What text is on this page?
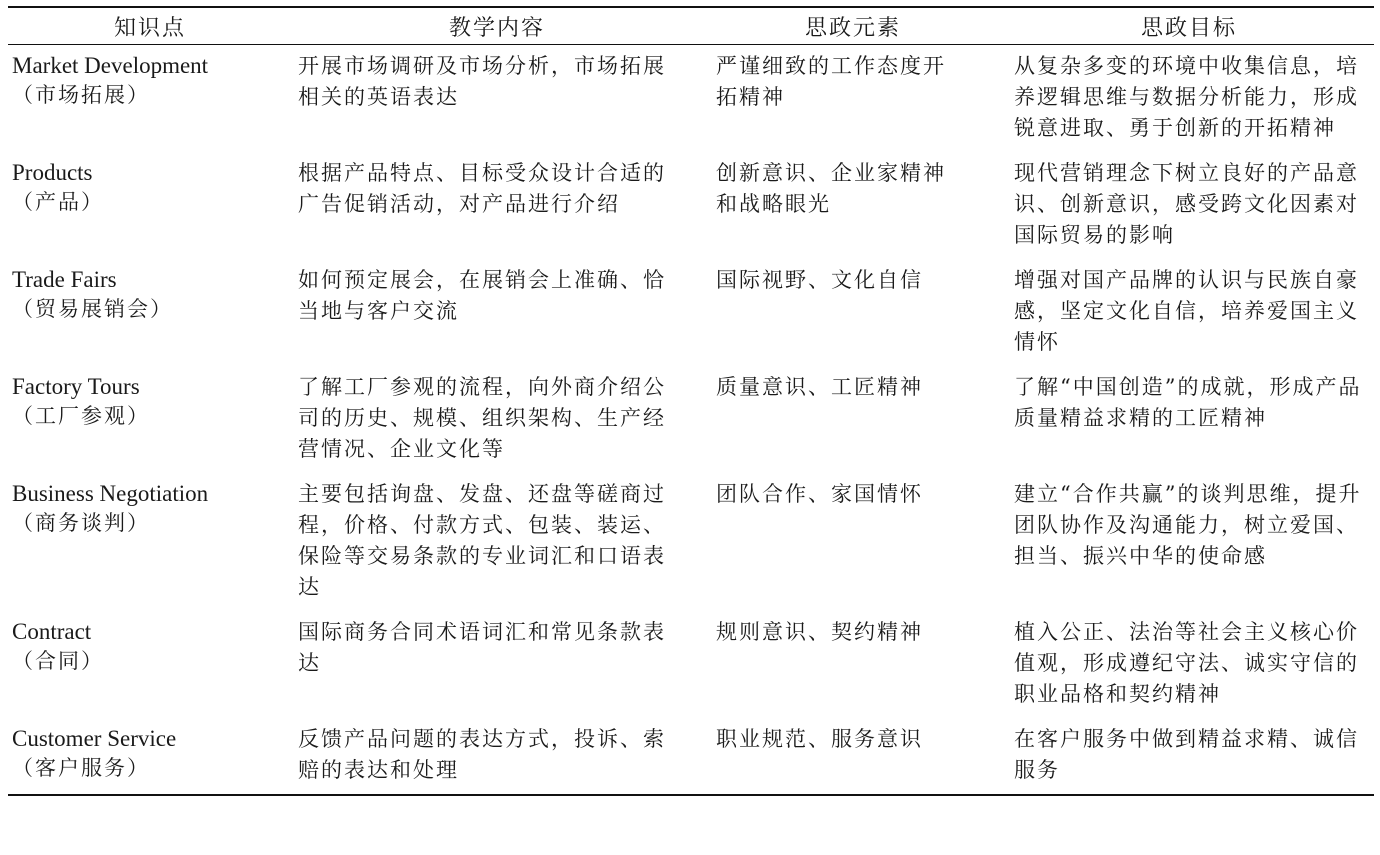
知识点	教学内容	思政元素	思政目标

Market Development
（市场拓展）	开展市场调研及市场分析，市场拓展相关的英语表达	严谨细致的工作态度开拓精神	从复杂多变的环境中收集信息，培养逻辑思维与数据分析能力，形成锐意进取、勇于创新的开拓精神

Products
（产品）	根据产品特点、目标受众设计合适的广告促销活动，对产品进行介绍	创新意识、企业家精神和战略眼光	现代营销理念下树立良好的产品意识、创新意识，感受跨文化因素对国际贸易的影响

Trade Fairs
（贸易展销会）	如何预定展会，在展销会上准确、恰当地与客户交流	国际视野、文化自信	增强对国产品牌的认识与民族自豪感，坚定文化自信，培养爱国主义情怀

Factory Tours
（工厂参观）	了解工厂参观的流程，向外商介绍公司的历史、规模、组织架构、生产经营情况、企业文化等	质量意识、工匠精神	了解“中国创造”的成就，形成产品质量精益求精的工匠精神

Business Negotiation
（商务谈判）	主要包括询盘、发盘、还盘等磋商过程，价格、付款方式、包装、装运、保险等交易条款的专业词汇和口语表达	团队合作、家国情怀	建立“合作共赢”的谈判思维，提升团队协作及沟通能力，树立爱国、担当、振兴中华的使命感

Contract
（合同）	国际商务合同术语词汇和常见条款表达	规则意识、契约精神	植入公正、法治等社会主义核心价值观，形成遵纪守法、诚实守信的职业品格和契约精神

Customer Service
（客户服务）	反馈产品问题的表达方式，投诉、索赔的表达和处理	职业规范、服务意识	在客户服务中做到精益求精、诚信服务
